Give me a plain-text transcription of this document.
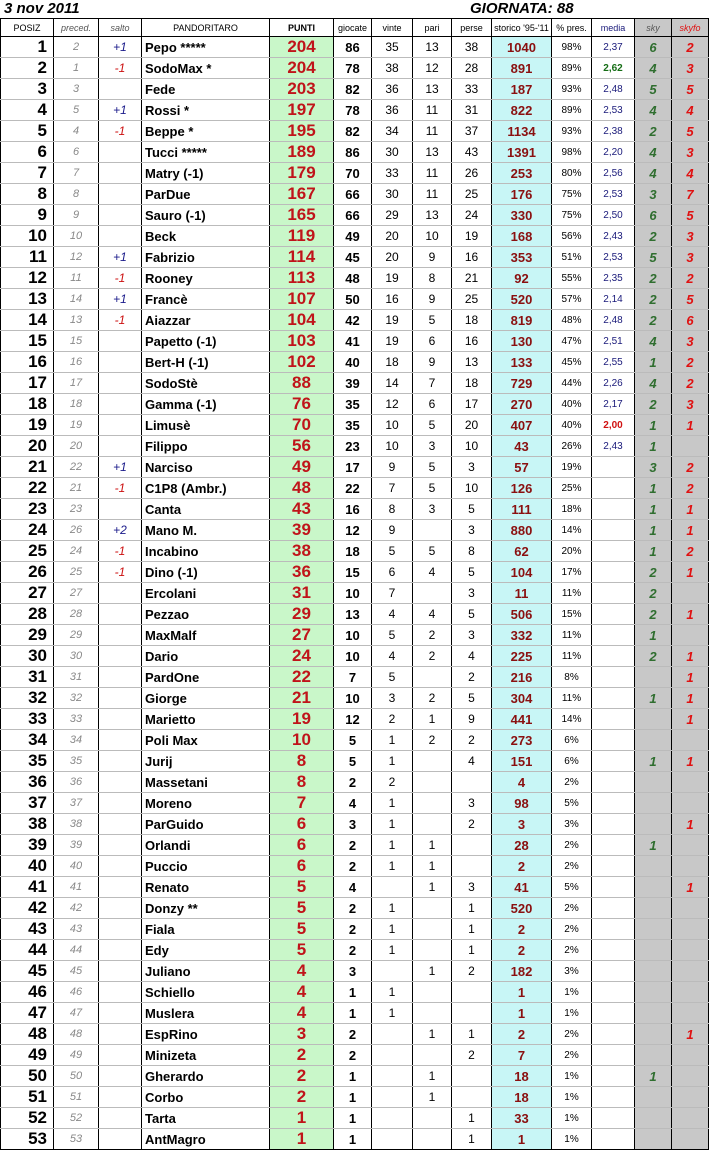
3 nov 2011	GIORNATA: 88
POSIZ	preced.	salto	PANDORITARO	PUNTI	giocate	vinte	pari	perse	storico '95-'11	% pres.	media	sky	skyfo
1	2	+1	Pepo *****	204	86	35	13	38	1040	98%	2,37	6	2
2	1	-1	SodoMax *	204	78	38	12	28	891	89%	2,62	4	3
3	3		Fede	203	82	36	13	33	187	93%	2,48	5	5
4	5	+1	Rossi *	197	78	36	11	31	822	89%	2,53	4	4
5	4	-1	Beppe *	195	82	34	11	37	1134	93%	2,38	2	5
6	6		Tucci *****	189	86	30	13	43	1391	98%	2,20	4	3
7	7		Matry (-1)	179	70	33	11	26	253	80%	2,56	4	4
8	8		ParDue	167	66	30	11	25	176	75%	2,53	3	7
9	9		Sauro (-1)	165	66	29	13	24	330	75%	2,50	6	5
10	10		Beck	119	49	20	10	19	168	56%	2,43	2	3
11	12	+1	Fabrizio	114	45	20	9	16	353	51%	2,53	5	3
12	11	-1	Rooney	113	48	19	8	21	92	55%	2,35	2	2
13	14	+1	Francè	107	50	16	9	25	520	57%	2,14	2	5
14	13	-1	Aiazzar	104	42	19	5	18	819	48%	2,48	2	6
15	15		Papetto (-1)	103	41	19	6	16	130	47%	2,51	4	3
16	16		Bert-H (-1)	102	40	18	9	13	133	45%	2,55	1	2
17	17		SodoStè	88	39	14	7	18	729	44%	2,26	4	2
18	18		Gamma (-1)	76	35	12	6	17	270	40%	2,17	2	3
19	19		Limusè	70	35	10	5	20	407	40%	2,00	1	1
20	20		Filippo	56	23	10	3	10	43	26%	2,43	1	
21	22	+1	Narciso	49	17	9	5	3	57	19%		3	2
22	21	-1	C1P8 (Ambr.)	48	22	7	5	10	126	25%		1	2
23	23		Canta	43	16	8	3	5	111	18%		1	1
24	26	+2	Mano M.	39	12	9		3	880	14%		1	1
25	24	-1	Incabino	38	18	5	5	8	62	20%		1	2
26	25	-1	Dino (-1)	36	15	6	4	5	104	17%		2	1
27	27		Ercolani	31	10	7		3	11	11%		2	
28	28		Pezzao	29	13	4	4	5	506	15%		2	1
29	29		MaxMalf	27	10	5	2	3	332	11%		1	
30	30		Dario	24	10	4	2	4	225	11%		2	1
31	31		PardOne	22	7	5		2	216	8%			1
32	32		Giorge	21	10	3	2	5	304	11%		1	1
33	33		Marietto	19	12	2	1	9	441	14%			1
34	34		Poli Max	10	5	1	2	2	273	6%			
35	35		Jurij	8	5	1		4	151	6%		1	1
36	36		Massetani	8	2	2			4	2%			
37	37		Moreno	7	4	1		3	98	5%			
38	38		ParGuido	6	3	1		2	3	3%			1
39	39		Orlandi	6	2	1	1		28	2%		1	
40	40		Puccio	6	2	1	1		2	2%			
41	41		Renato	5	4		1	3	41	5%			1
42	42		Donzy **	5	2	1		1	520	2%			
43	43		Fiala	5	2	1		1	2	2%			
44	44		Edy	5	2	1		1	2	2%			
45	45		Juliano	4	3		1	2	182	3%			
46	46		Schiello	4	1	1			1	1%			
47	47		Muslera	4	1	1			1	1%			
48	48		EspRino	3	2		1	1	2	2%			1
49	49		Minizeta	2	2			2	7	2%			
50	50		Gherardo	2	1		1		18	1%		1	
51	51		Corbo	2	1		1		18	1%			
52	52		Tarta	1	1			1	33	1%			
53	53		AntMagro	1	1			1	1	1%			
